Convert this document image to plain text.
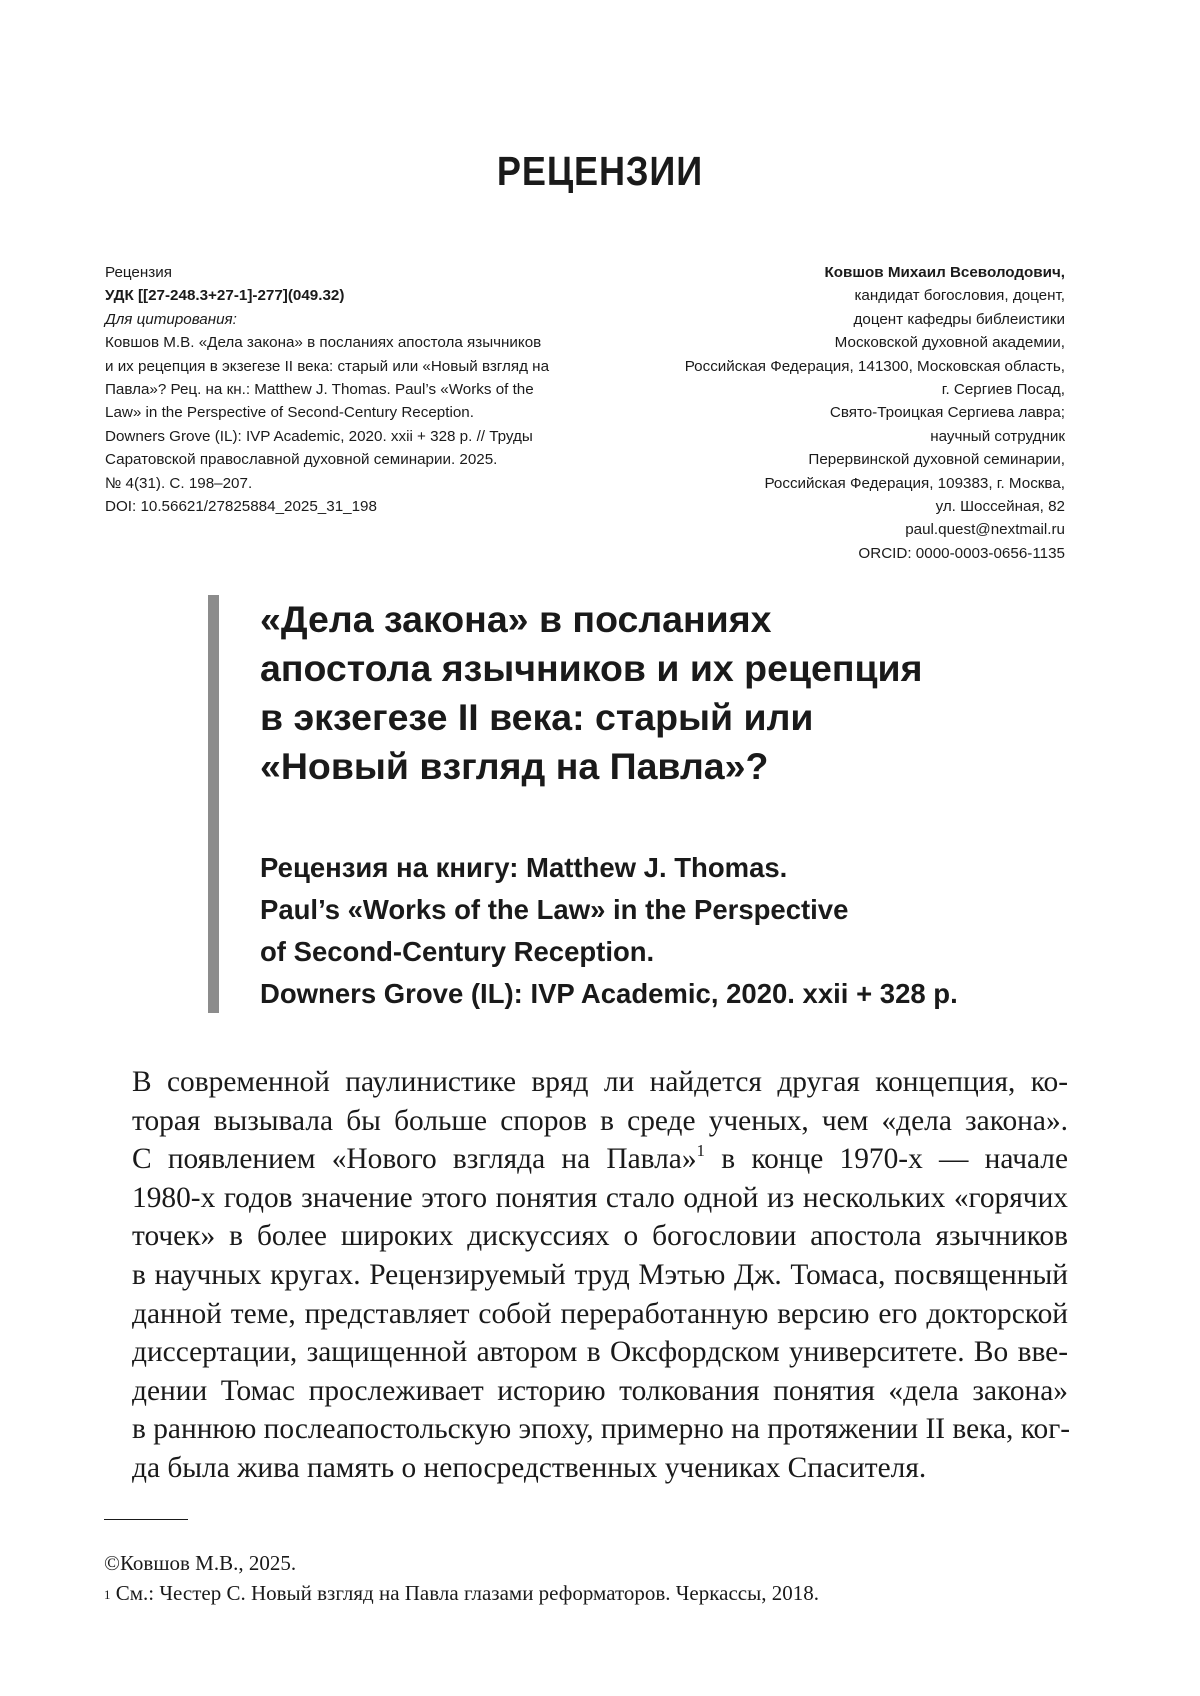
РЕЦЕНЗИИ
Рецензия
УДК [[27-248.3+27-1]-277](049.32)
Для цитирования:
Ковшов М.В. «Дела закона» в посланиях апостола язычников
и их рецепция в экзегезе II века: старый или «Новый взгляд на
Павла»? Рец. на кн.: Matthew J. Thomas. Paul’s «Works of the
Law» in the Perspective of Second-Century Reception.
Downers Grove (IL): IVP Academic, 2020. xxii + 328 p. // Труды
Саратовской православной духовной семинарии. 2025.
№ 4(31). С. 198–207.
DOI: 10.56621/27825884_2025_31_198
Ковшов Михаил Всеволодович,
кандидат богословия, доцент,
доцент кафедры библеистики
Московской духовной академии,
Российская Федерация, 141300, Московская область,
г. Сергиев Посад,
Свято-Троицкая Сергиева лавра;
научный сотрудник
Перервинской духовной семинарии,
Российская Федерация, 109383, г. Москва,
ул. Шоссейная, 82
paul.quest@nextmail.ru
ORCID: 0000-0003-0656-1135
«Дела закона» в посланиях
апостола язычников и их рецепция
в экзегезе II века: старый или
«Новый взгляд на Павла»?
Рецензия на книгу: Matthew J. Thomas.
Paul’s «Works of the Law» in the Perspective
of Second-Century Reception.
Downers Grove (IL): IVP Academic, 2020. xxii + 328 p.
В современной паулинистике вряд ли найдется другая концепция, ко-
торая вызывала бы больше споров в среде ученых, чем «дела закона».
С появлением «Нового взгляда на Павла»$^1$ в конце 1970-х — начале
1980-х годов значение этого понятия стало одной из нескольких «горячих
точек» в более широких дискуссиях о богословии апостола язычников
в научных кругах. Рецензируемый труд Мэтью Дж. Томаса, посвященный
данной теме, представляет собой переработанную версию его докторской
диссертации, защищенной автором в Оксфордском университете. Во вве-
дении Томас прослеживает историю толкования понятия «дела закона»
в раннюю послеапостольскую эпоху, примерно на протяжении II века, ког-
да была жива память о непосредственных учениках Спасителя.
©Ковшов М.В., 2025.
$^1$ См.: Честер С. Новый взгляд на Павла глазами реформаторов. Черкассы, 2018.
